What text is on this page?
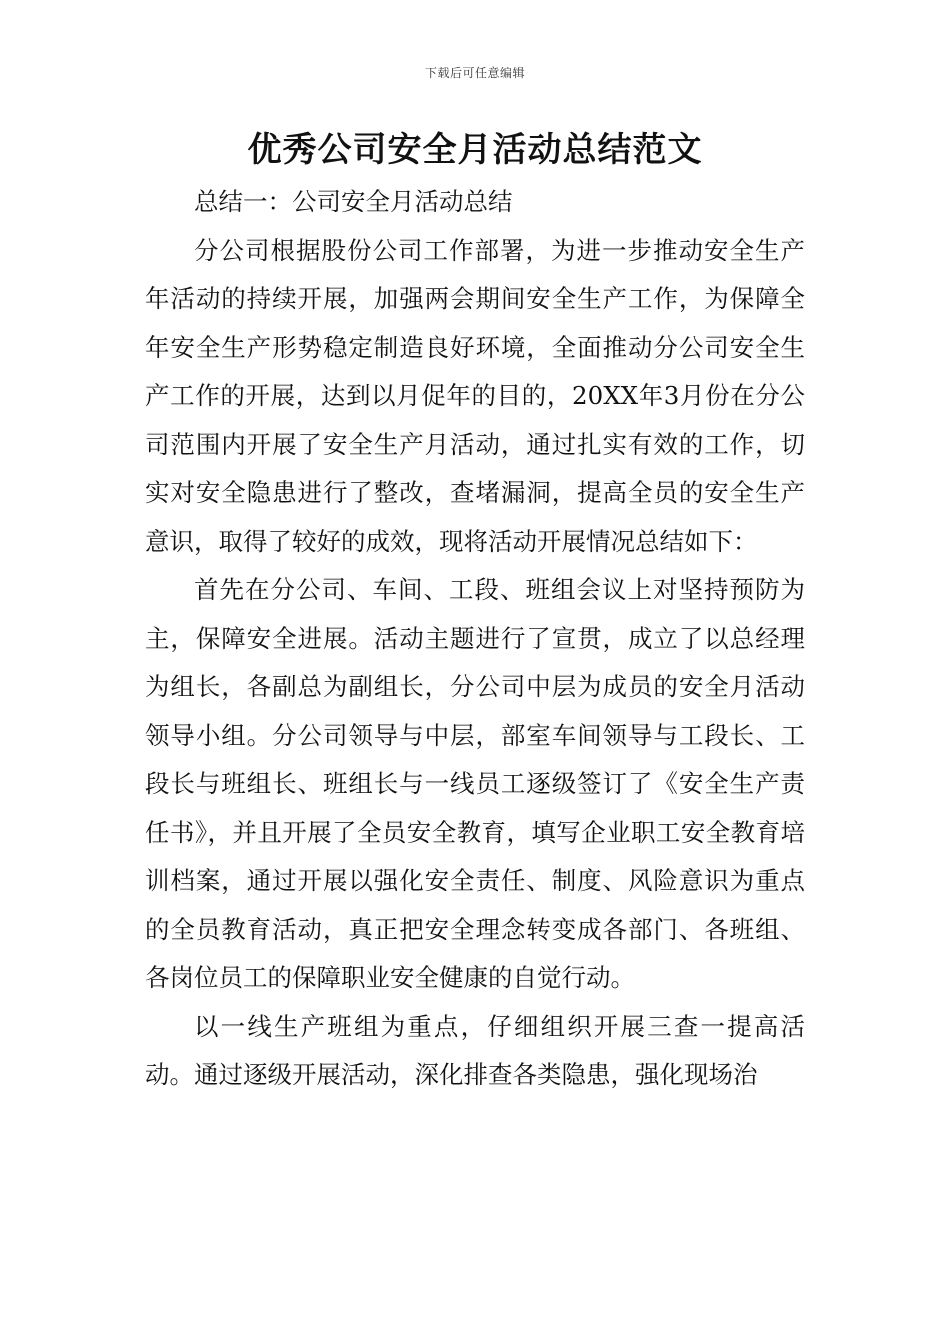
下载后可任意编辑
优秀公司安全月活动总结范文

总结一：公司安全月活动总结

分公司根据股份公司工作部署，为进一步推动安全生产年活动的持续开展，加强两会期间安全生产工作，为保障全年安全生产形势稳定制造良好环境，全面推动分公司安全生产工作的开展，达到以月促年的目的，20XX年3月份在分公司范围内开展了安全生产月活动，通过扎实有效的工作，切实对安全隐患进行了整改，查堵漏洞，提高全员的安全生产意识，取得了较好的成效，现将活动开展情况总结如下：

首先在分公司、车间、工段、班组会议上对坚持预防为主，保障安全进展。活动主题进行了宣贯，成立了以总经理为组长，各副总为副组长，分公司中层为成员的安全月活动领导小组。分公司领导与中层，部室车间领导与工段长、工段长与班组长、班组长与一线员工逐级签订了《安全生产责任书》，并且开展了全员安全教育，填写企业职工安全教育培训档案，通过开展以强化安全责任、制度、风险意识为重点的全员教育活动，真正把安全理念转变成各部门、各班组、各岗位员工的保障职业安全健康的自觉行动。

以一线生产班组为重点，仔细组织开展三查一提高活动。通过逐级开展活动，深化排查各类隐患，强化现场治
